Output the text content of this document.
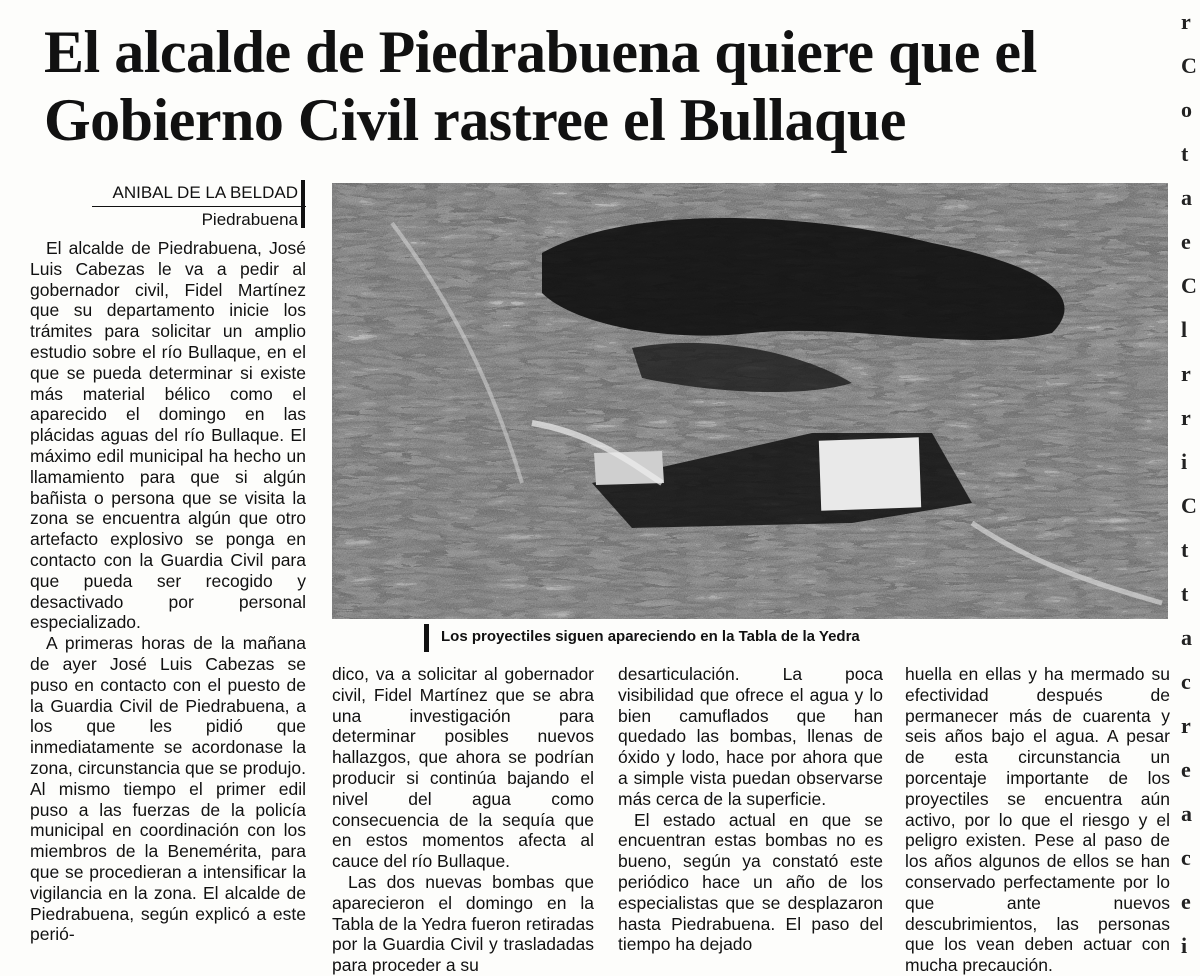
El alcalde de Piedrabuena quiere que el Gobierno Civil rastree el Bullaque
r
C
o
t
a
e
C
l
r
r
i
C
t
t
a
c
r
e
a
c
e
i
ANIBAL DE LA BELDAD
Piedrabuena
Los proyectiles siguen apareciendo en la Tabla de la Yedra

El alcalde de Piedrabuena, José Luis Cabezas le va a pedir al gobernador civil, Fidel Martínez que su departamento inicie los trámites para solicitar un amplio estudio sobre el río Bullaque, en el que se pueda determinar si existe más material bélico como el aparecido el domingo en las plácidas aguas del río Bullaque. El máximo edil municipal ha hecho un llamamiento para que si algún bañista o persona que se visita la zona se encuentra algún que otro artefacto explosivo se ponga en contacto con la Guardia Civil para que pueda ser recogido y desactivado por personal especializado.

A primeras horas de la mañana de ayer José Luis Cabezas se puso en contacto con el puesto de la Guardia Civil de Piedrabuena, a los que les pidió que inmediatamente se acordonase la zona, circunstancia que se produjo. Al mismo tiempo el primer edil puso a las fuerzas de la policía municipal en coordinación con los miembros de la Benemérita, para que se procedieran a intensificar la vigilancia en la zona. El alcalde de Piedrabuena, según explicó a este perió-

dico, va a solicitar al gobernador civil, Fidel Martínez que se abra una investigación para determinar posibles nuevos hallazgos, que ahora se podrían producir si continúa bajando el nivel del agua como consecuencia de la sequía que en estos momentos afecta al cauce del río Bullaque.

Las dos nuevas bombas que aparecieron el domingo en la Tabla de la Yedra fueron retiradas por la Guardia Civil y trasladadas para proceder a su

desarticulación. La poca visibilidad que ofrece el agua y lo bien camuflados que han quedado las bombas, llenas de óxido y lodo, hace por ahora que a simple vista puedan observarse más cerca de la superficie.

El estado actual en que se encuentran estas bombas no es bueno, según ya constató este periódico hace un año de los especialistas que se desplazaron hasta Piedrabuena. El paso del tiempo ha dejado

huella en ellas y ha mermado su efectividad después de permanecer más de cuarenta y seis años bajo el agua. A pesar de esta circunstancia un porcentaje importante de los proyectiles se encuentra aún activo, por lo que el riesgo y el peligro existen. Pese al paso de los años algunos de ellos se han conservado perfectamente por lo que ante nuevos descubrimientos, las personas que los vean deben actuar con mucha precaución.
